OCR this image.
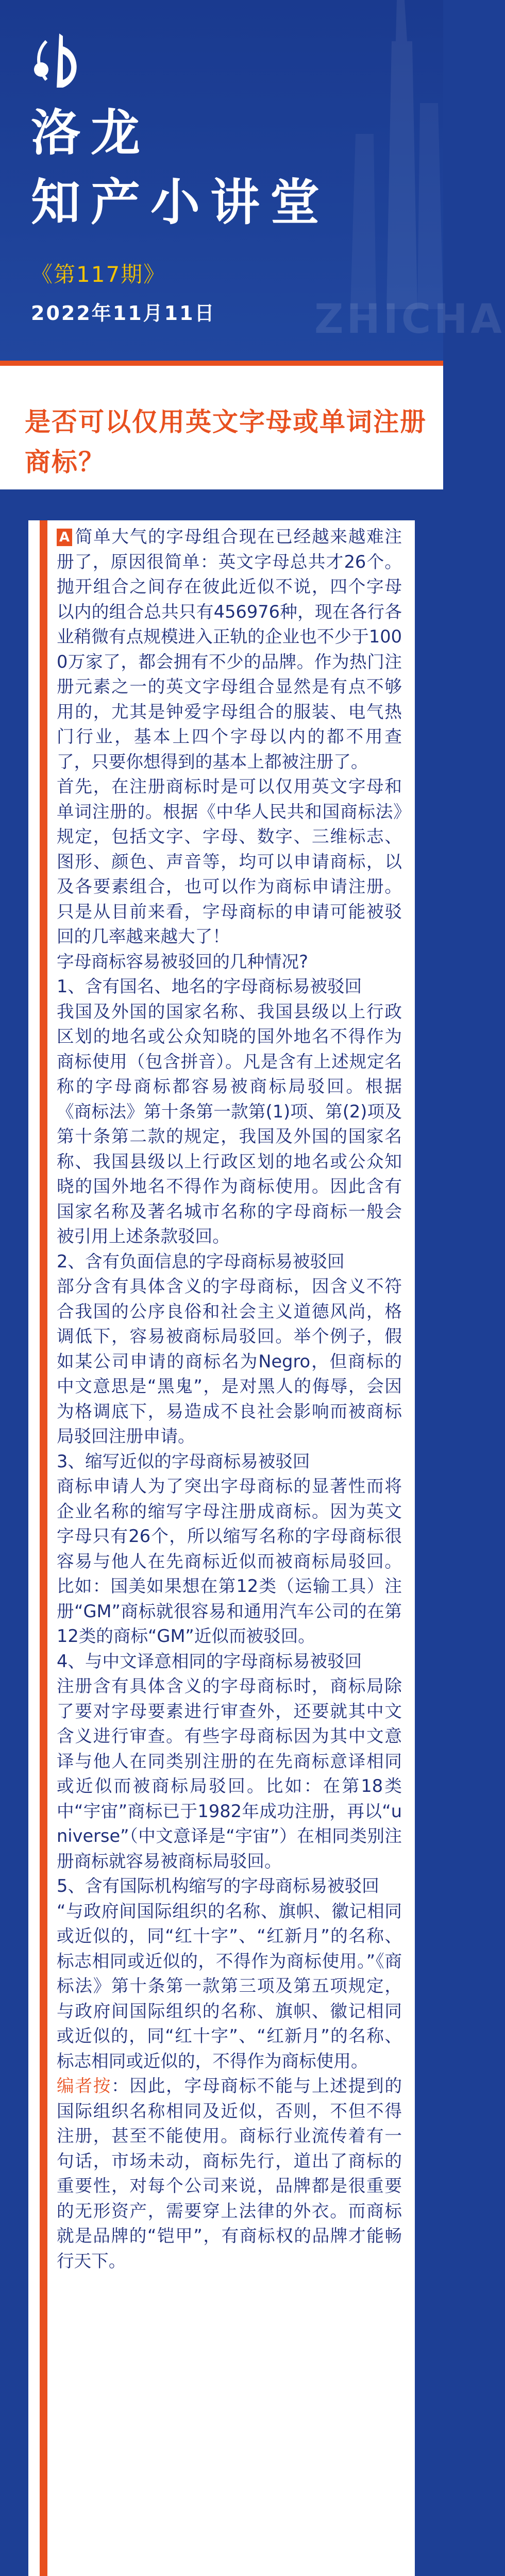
洛龙
知产小讲堂
《第117期》
2022年11月11日 ZHICHA
是否可以仅用英文字母或单词注册商标？

A 简单大气的字母组合现在已经越来越难注册了，原因很简单：英文字母总共才26个。抛开组合之间存在彼此近似不说，四个字母以内的组合总共只有456976种，现在各行各业稍微有点规模进入正轨的企业也不少于1000万家了，都会拥有不少的品牌。作为热门注册元素之一的英文字母组合显然是有点不够用的，尤其是钟爱字母组合的服装、电气热门行业，基本上四个字母以内的都不用查了，只要你想得到的基本上都被注册了。

首先，在注册商标时是可以仅用英文字母和单词注册的。根据《中华人民共和国商标法》规定，包括文字、字母、数字、三维标志、图形、颜色、声音等，均可以申请商标，以及各要素组合，也可以作为商标申请注册。只是从目前来看，字母商标的申请可能被驳回的几率越来越大了！

字母商标容易被驳回的几种情况?

1、含有国名、地名的字母商标易被驳回

我国及外国的国家名称、我国县级以上行政区划的地名或公众知晓的国外地名不得作为商标使用（包含拼音）。凡是含有上述规定名称的字母商标都容易被商标局驳回。根据《商标法》第十条第一款第(1)项、第(2)项及第十条第二款的规定，我国及外国的国家名称、我国县级以上行政区划的地名或公众知晓的国外地名不得作为商标使用。因此含有国家名称及著名城市名称的字母商标一般会被引用上述条款驳回。

2、含有负面信息的字母商标易被驳回

部分含有具体含义的字母商标，因含义不符合我国的公序良俗和社会主义道德风尚，格调低下，容易被商标局驳回。举个例子，假如某公司申请的商标名为Negro，但商标的中文意思是“黑鬼”，是对黑人的侮辱，会因为格调底下，易造成不良社会影响而被商标局驳回注册申请。

3、缩写近似的字母商标易被驳回

商标申请人为了突出字母商标的显著性而将企业名称的缩写字母注册成商标。因为英文字母只有26个，所以缩写名称的字母商标很容易与他人在先商标近似而被商标局驳回。比如：国美如果想在第12类（运输工具）注册“GM”商标就很容易和通用汽车公司的在第12类的商标“GM”近似而被驳回。

4、与中文译意相同的字母商标易被驳回

注册含有具体含义的字母商标时，商标局除了要对字母要素进行审查外，还要就其中文含义进行审查。有些字母商标因为其中文意译与他人在同类别注册的在先商标意译相同或近似而被商标局驳回。比如：在第18类中“宇宙”商标已于1982年成功注册，再以“universe”（中文意译是“宇宙”）在相同类别注册商标就容易被商标局驳回。

5、含有国际机构缩写的字母商标易被驳回

“与政府间国际组织的名称、旗帜、徽记相同或近似的，同“红十字”、“红新月”的名称、标志相同或近似的，不得作为商标使用。”《商标法》第十条第一款第三项及第五项规定，与政府间国际组织的名称、旗帜、徽记相同或近似的，同“红十字”、“红新月”的名称、标志相同或近似的，不得作为商标使用。

编者按：因此，字母商标不能与上述提到的国际组织名称相同及近似，否则，不但不得注册，甚至不能使用。商标行业流传着有一句话，市场未动，商标先行，道出了商标的重要性，对每个公司来说，品牌都是很重要的无形资产，需要穿上法律的外衣。而商标就是品牌的“铠甲”，有商标权的品牌才能畅行天下。
